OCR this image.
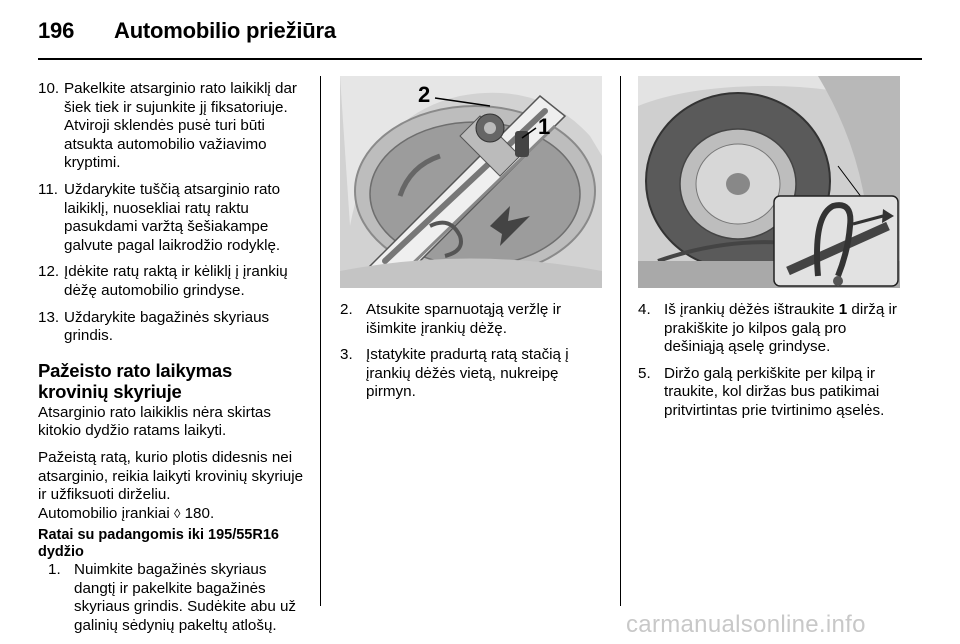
196 Automobilio priežiūra
10. Pakelkite atsarginio rato laikiklį dar šiek tiek ir sujunkite jį fiksatoriuje. Atviroji sklendės pusė turi būti atsukta automobilio važiavimo kryptimi.
11. Uždarykite tuščią atsarginio rato laikiklį, nuosekliai ratų raktu pasukdami varžtą šešiakampe galvute pagal laikrodžio rodyklę.
12. Įdėkite ratų raktą ir kėliklį į įrankių dėžę automobilio grindyse.
13. Uždarykite bagažinės skyriaus grindis.
Pažeisto rato laikymas krovinių skyriuje
Atsarginio rato laikiklis nėra skirtas kitokio dydžio ratams laikyti.
Pažeistą ratą, kurio plotis didesnis nei atsarginio, reikia laikyti krovinių skyriuje ir užfiksuoti dirželiu.
Automobilio įrankiai ◊ 180.
Ratai su padangomis iki 195/55R16 dydžio
1. Nuimkite bagažinės skyriaus dangtį ir pakelkite bagažinės skyriaus grindis. Sudėkite abu už galinių sėdynių pakeltų atlošų.
2
1
2. Atsukite sparnuotąją veržlę ir išimkite įrankių dėžę.
3. Įstatykite pradurtą ratą stačią į įrankių dėžės vietą, nukreipę pirmyn.
4. Iš įrankių dėžės ištraukite 1 diržą ir prakiškite jo kilpos galą pro dešiniąją ąselę grindyse.
5. Diržo galą perkiškite per kilpą ir traukite, kol diržas bus patikimai pritvirtintas prie tvirtinimo ąselės.
carmanualsonline.info
